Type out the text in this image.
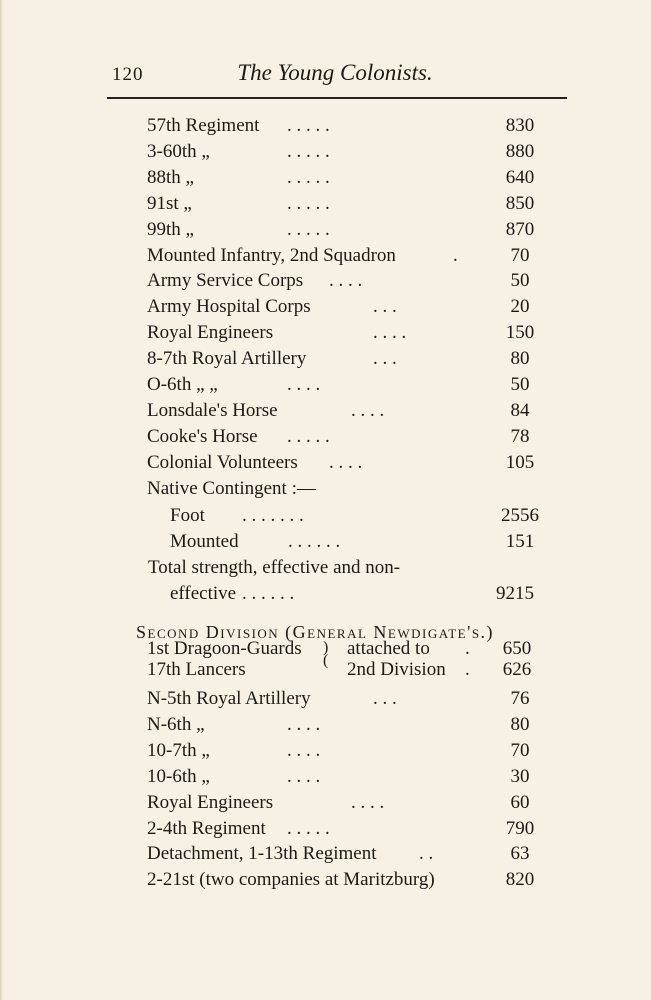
120	The Young Colonists.
57th Regiment . . . . .	830
3-60th „	. . . . .	880
88th „	. . . . .	640
91st „	. . . . .	850
99th „	. . . . .	870
Mounted Infantry, 2nd Squadron	.	70
Army Service Corps . . . .	50
Army Hospital Corps	. . .	20
Royal Engineers	. . . .	150
8-7th Royal Artillery	. . .	80
O-6th „ „	. . . .	50
Lonsdale's Horse	. . . .	84
Cooke's Horse . . . . .	78
Colonial Volunteers . . . .	105
Native Contingent :—
Foot . . . . . . .	2556
Mounted	. . . . . .	151
Total strength, effective and non-
effective . . . . . .	9215
Second Division (General Newdigate's.)
1st Dragoon-Guards attached to .	650
)
(
17th Lancers	2nd Division .	626
N-5th Royal Artillery	. . .	76
N-6th „	. . . .	80
10-7th „	. . . .	70
10-6th „	. . . .	30
Royal Engineers	. . . .	60
2-4th Regiment . . . . .	790
Detachment, 1-13th Regiment . .	63
2-21st (two companies at Maritzburg)	820
